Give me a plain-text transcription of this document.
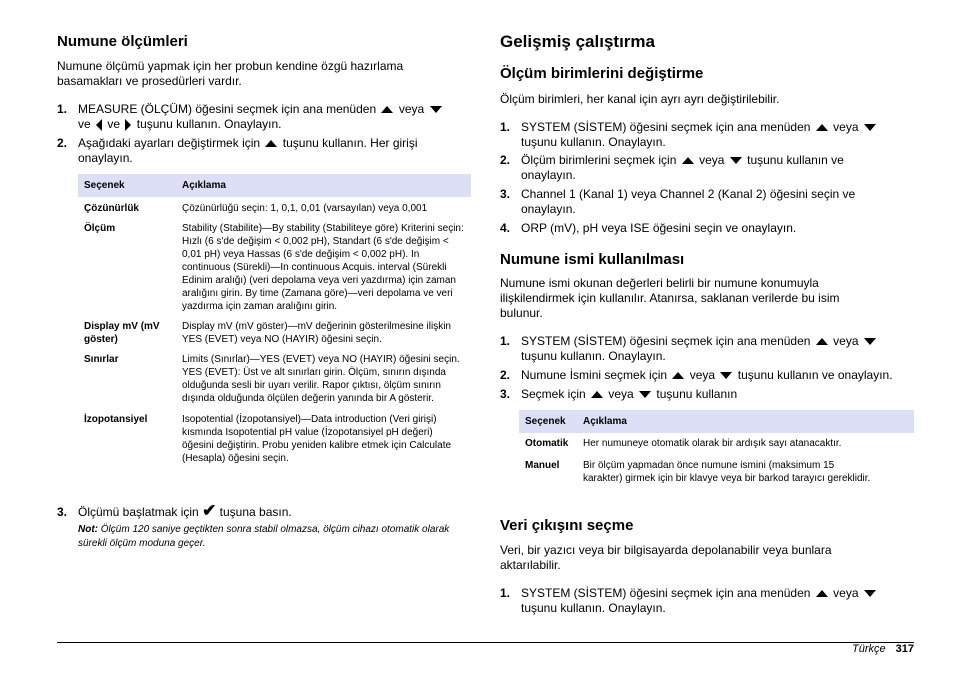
Numune ölçümleri

Numune ölçümü yapmak için her probun kendine özgü hazırlama basamakları ve prosedürleri vardır.

1. MEASURE (ÖLÇÜM) öğesini seçmek için ana menüden veya
ve ve tuşunu kullanın. Onaylayın.
2. Aşağıdaki ayarları değiştirmek için tuşunu kullanın. Her girişi onaylayın.
Seçenek	Açıklama
Çözünürlük	Çözünürlüğü seçin: 1, 0,1, 0,01 (varsayılan) veya 0,001
Ölçüm	Stability (Stabilite)—By stability (Stabiliteye göre) Kriterini seçin: Hızlı (6 s'de değişim < 0,002 pH), Standart (6 s'de değişim < 0,01 pH) veya Hassas (6 s'de değişim < 0,002 pH). In continuous (Sürekli)—In continuous Acquis. interval (Sürekli Edinim aralığı) (veri depolama veya veri yazdırma) için zaman aralığını girin. By time (Zamana göre)—veri depolama ve veri yazdırma için zaman aralığını girin.
Display mV (mV göster)	Display mV (mV göster)—mV değerinin gösterilmesine ilişkin YES (EVET) veya NO (HAYIR) öğesini seçin.
Sınırlar	Limits (Sınırlar)—YES (EVET) veya NO (HAYIR) öğesini seçin. YES (EVET): Üst ve alt sınırları girin. Ölçüm, sınırın dışında olduğunda sesli bir uyarı verilir. Rapor çıktısı, ölçüm sınırın dışında olduğunda ölçülen değerin yanında bir A gösterir.
İzopotansiyel	Isopotential (İzopotansiyel)—Data introduction (Veri girişi) kısmında Isopotential pH value (İzopotansiyel pH değeri) öğesini değiştirin. Probu yeniden kalibre etmek için Calculate (Hesapla) öğesini seçin.
3. Ölçümü başlatmak için ✔ tuşuna basın.
Not: Ölçüm 120 saniye geçtikten sonra stabil olmazsa, ölçüm cihazı otomatik olarak sürekli ölçüm moduna geçer.
Gelişmiş çalıştırma
Ölçüm birimlerini değiştirme

Ölçüm birimleri, her kanal için ayrı ayrı değiştirilebilir.

1. SYSTEM (SİSTEM) öğesini seçmek için ana menüden veya
tuşunu kullanın. Onaylayın.
2. Ölçüm birimlerini seçmek için veya tuşunu kullanın ve onaylayın.
3. Channel 1 (Kanal 1) veya Channel 2 (Kanal 2) öğesini seçin ve onaylayın.
4. ORP (mV), pH veya ISE öğesini seçin ve onaylayın.
Numune ismi kullanılması

Numune ismi okunan değerleri belirli bir numune konumuyla ilişkilendirmek için kullanılır. Atanırsa, saklanan verilerde bu isim bulunur.

1. SYSTEM (SİSTEM) öğesini seçmek için ana menüden veya
tuşunu kullanın. Onaylayın.
2. Numune İsmini seçmek için veya tuşunu kullanın ve onaylayın.
3. Seçmek için veya tuşunu kullanın
Seçenek	Açıklama
Otomatik	Her numuneye otomatik olarak bir ardışık sayı atanacaktır.
Manuel	Bir ölçüm yapmadan önce numune ismini (maksimum 15 karakter) girmek için bir klavye veya bir barkod tarayıcı gereklidir.
Veri çıkışını seçme

Veri, bir yazıcı veya bir bilgisayarda depolanabilir veya bunlara aktarılabilir.

1. SYSTEM (SİSTEM) öğesini seçmek için ana menüden veya
tuşunu kullanın. Onaylayın.
Türkçe 317
